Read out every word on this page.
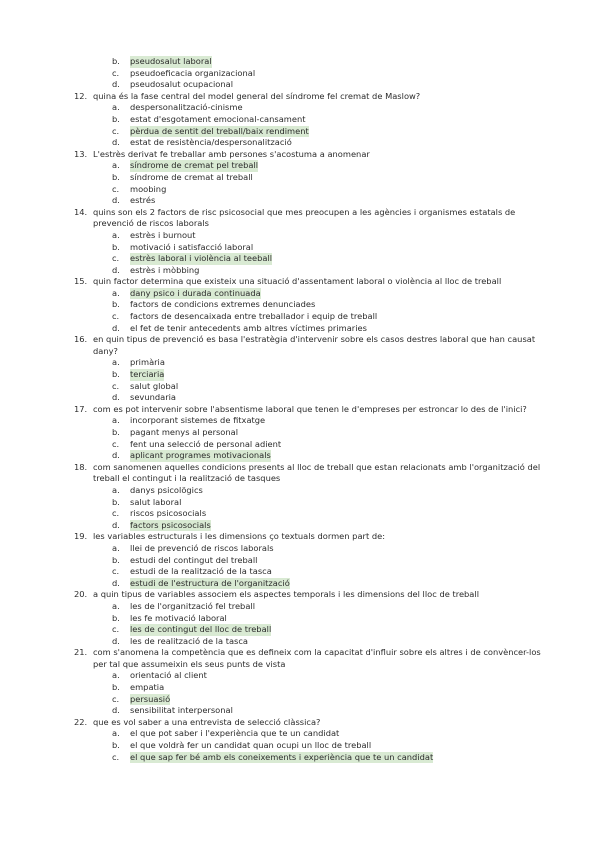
b. pseudosalut laboral
c. pseudoeficacia organizacional
d. pseudosalut ocupacional
12. quina és la fase central del model general del síndrome fel cremat de Maslow?
a. despersonalització-cinisme
b. estat d'esgotament emocional-cansament
c. pèrdua de sentit del treball/baix rendiment
d. estat de resistència/despersonalització
13. L'estrès derivat fe treballar amb persones s'acostuma a anomenar
a. síndrome de cremat pel treball
b. síndrome de cremat al treball
c. moobing
d. estrés
14. quins son els 2 factors de risc psicosocial que mes preocupen a les agències i organismes estatals de prevenció de riscos laborals
a. estrès i burnout
b. motivació i satisfacció laboral
c. estrès laboral i violència al teeball
d. estrès i mòbbing
15. quin factor determina que existeix una situació d'assentament laboral o violència al lloc de treball
a. dany psico i durada continuada
b. factors de condicions extremes denunciades
c. factors de desencaixada entre treballador i equip de treball
d. el fet de tenir antecedents amb altres víctimes primaries
16. en quin tipus de prevenció es basa l'estratègia d'intervenir sobre els casos destres laboral que han causat dany?
a. primària
b. terciaria
c. salut global
d. sevundaria
17. com es pot intervenir sobre l'absentisme laboral que tenen le d'empreses per estroncar lo des de l'inici?
a. incorporant sistemes de fitxatge
b. pagant menys al personal
c. fent una selecció de personal adient
d. aplicant programes motivacionals
18. com sanomenen aquelles condicions presents al lloc de treball que estan relacionats amb l'organització del treball el contingut i la realització de tasques
a. danys psicolögics
b. salut laboral
c. riscos psicosocials
d. factors psicosocials
19. les variables estructurals i les dimensions ço textuals dormen part de:
a. llei de prevenció de riscos laborals
b. estudi del contingut del treball
c. estudi de la realització de la tasca
d. estudi de l'estructura de l'organització
20. a quin tipus de variables associem els aspectes temporals i les dimensions del lloc de treball
a. les de l'organització fel treball
b. les fe motivació laboral
c. les de contingut del lloc de treball
d. les de realització de la tasca
21. com s'anomena la competència que es defineix com la capacitat d'influir sobre els altres i de convèncer-los per tal que assumeixin els seus punts de vista
a. orientació al client
b. empatia
c. persuasió
d. sensibilitat interpersonal
22. que es vol saber a una entrevista de selecció clàssica?
a. el que pot saber i l'experiència que te un candidat
b. el que voldrà fer un candidat quan ocupi un lloc de treball
c. el que sap fer bé amb els coneixements i experiència que te un candidat
